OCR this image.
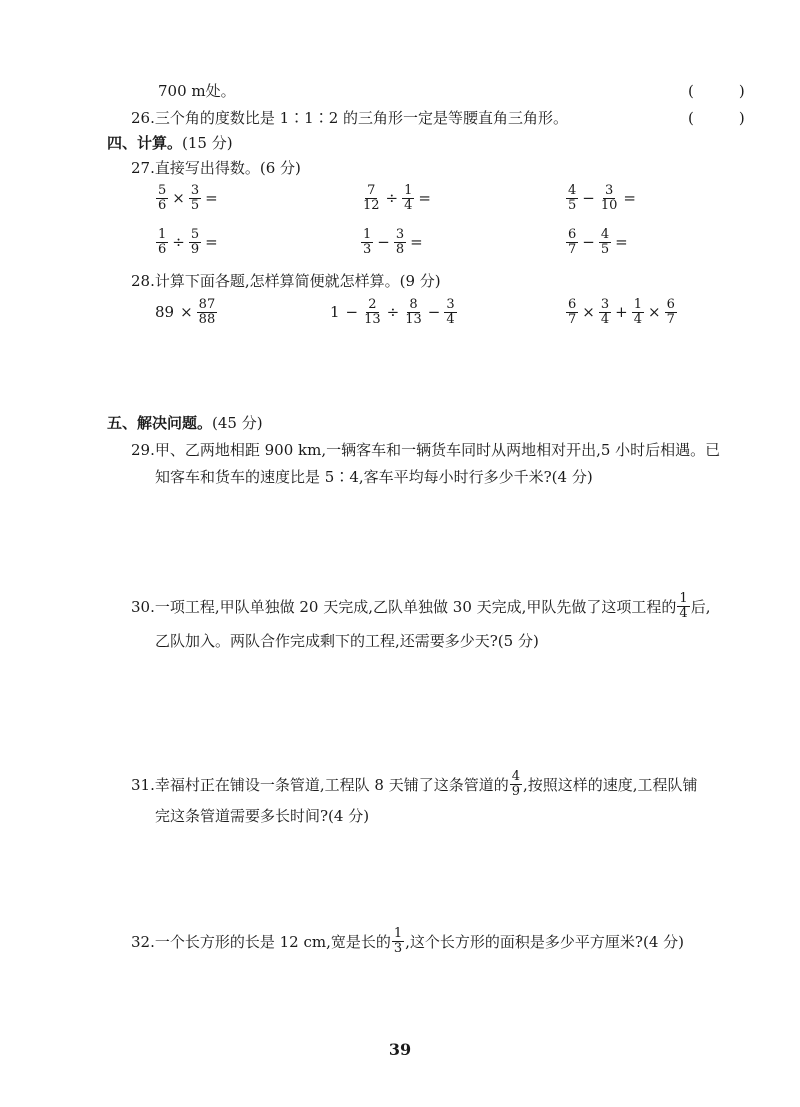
700 m处。	(　　　)
26.三个角的度数比是 1∶1∶2 的三角形一定是等腰直角三角形。	(　　　)
四、计算。(15 分)
27.直接写出得数。(6 分)
$\frac{5}{6} \times \frac{3}{5}$ =	$\frac{7}{12} \div \frac{1}{4}$ =	$\frac{4}{5} - \frac{3}{10}$ =
$\frac{1}{6} \div \frac{5}{9}$ =	$\frac{1}{3} - \frac{3}{8}$ =	$\frac{6}{7} - \frac{4}{5}$ =
28.计算下面各题,怎样算简便就怎样算。(9 分)
$89 \times \frac{87}{88}$	$1 - \frac{2}{13} \div \frac{8}{13} - \frac{3}{4}$	$\frac{6}{7} \times \frac{3}{4} + \frac{1}{4} \times \frac{6}{7}$
五、解决问题。(45 分)
29.甲、乙两地相距 900 km,一辆客车和一辆货车同时从两地相对开出,5 小时后相遇。已
知客车和货车的速度比是 5∶4,客车平均每小时行多少千米?(4 分)
30.一项工程,甲队单独做 20 天完成,乙队单独做 30 天完成,甲队先做了这项工程的 $\frac{1}{4}$ 后,
乙队加入。两队合作完成剩下的工程,还需要多少天?(5 分)
31.幸福村正在铺设一条管道,工程队 8 天铺了这条管道的 $\frac{4}{9}$ ,按照这样的速度,工程队铺
完这条管道需要多长时间?(4 分)
32.一个长方形的长是 12 cm,宽是长的 $\frac{1}{3}$ ,这个长方形的面积是多少平方厘米?(4 分)
39
